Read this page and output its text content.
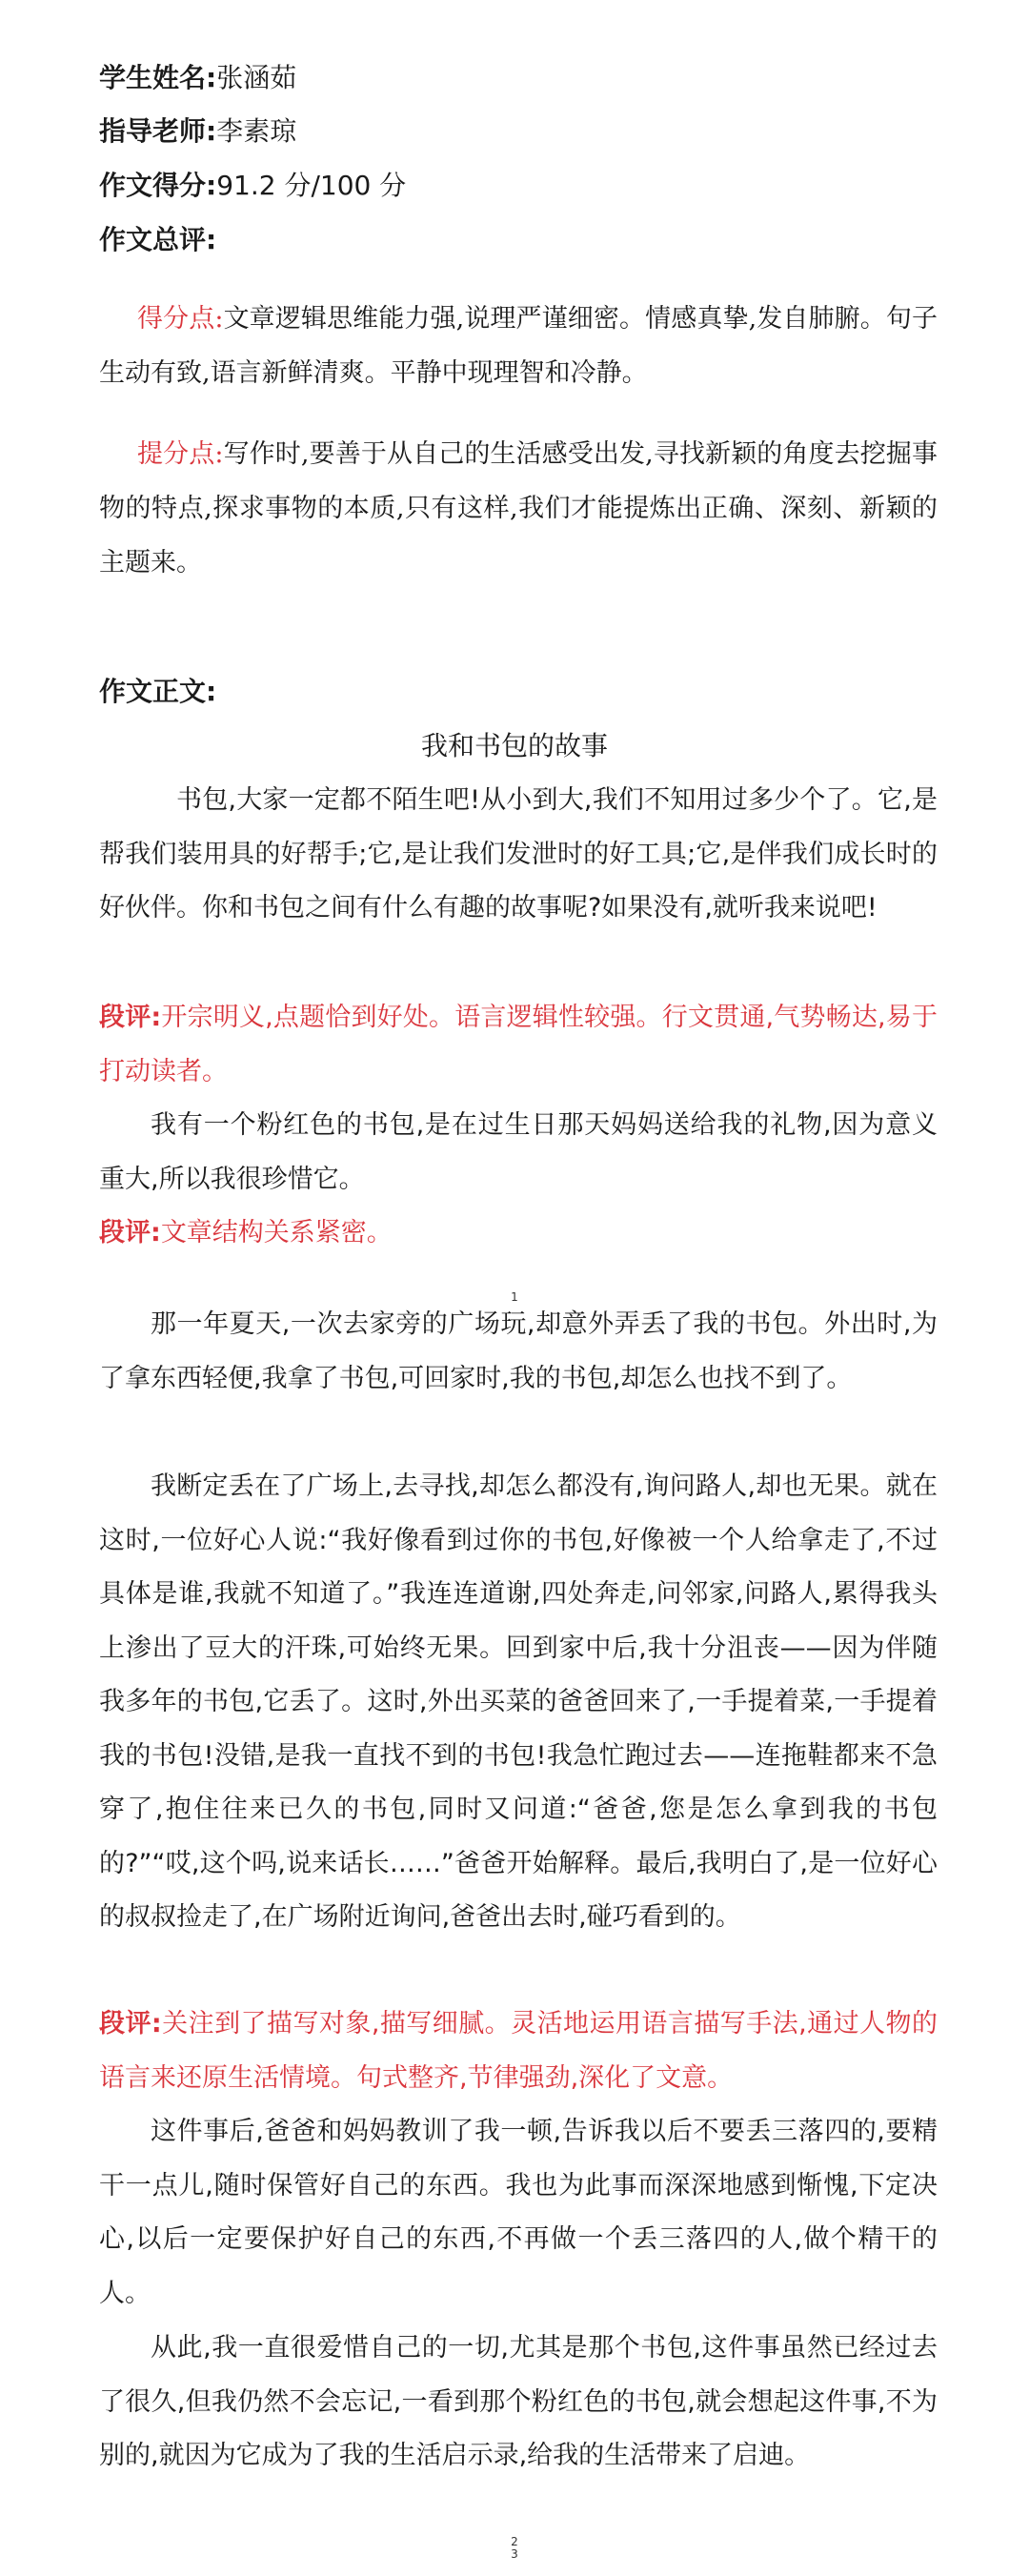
学生姓名:张涵茹
指导老师:李素琼
作文得分:91.2 分/100 分
作文总评:
得分点:文章逻辑思维能力强,说理严谨细密。情感真挚,发自肺腑。句子生动有致,语言新鲜清爽。平静中现理智和冷静。
提分点:写作时,要善于从自己的生活感受出发,寻找新颖的角度去挖掘事物的特点,探求事物的本质,只有这样,我们才能提炼出正确、深刻、新颖的主题来。
作文正文:
我和书包的故事
书包,大家一定都不陌生吧!从小到大,我们不知用过多少个了。它,是帮我们装用具的好帮手;它,是让我们发泄时的好工具;它,是伴我们成长时的好伙伴。你和书包之间有什么有趣的故事呢?如果没有,就听我来说吧!
段评:开宗明义,点题恰到好处。语言逻辑性较强。行文贯通,气势畅达,易于打动读者。
我有一个粉红色的书包,是在过生日那天妈妈送给我的礼物,因为意义重大,所以我很珍惜它。
段评:文章结构关系紧密。
1
那一年夏天,一次去家旁的广场玩,却意外弄丢了我的书包。外出时,为了拿东西轻便,我拿了书包,可回家时,我的书包,却怎么也找不到了。
我断定丢在了广场上,去寻找,却怎么都没有,询问路人,却也无果。就在这时,一位好心人说:“我好像看到过你的书包,好像被一个人给拿走了,不过具体是谁,我就不知道了。”我连连道谢,四处奔走,问邻家,问路人,累得我头上渗出了豆大的汗珠,可始终无果。回到家中后,我十分沮丧——因为伴随我多年的书包,它丢了。这时,外出买菜的爸爸回来了,一手提着菜,一手提着我的书包!没错,是我一直找不到的书包!我急忙跑过去——连拖鞋都来不急穿了,抱住往来已久的书包,同时又问道:“爸爸,您是怎么拿到我的书包的?”“哎,这个吗,说来话长……”爸爸开始解释。最后,我明白了,是一位好心的叔叔捡走了,在广场附近询问,爸爸出去时,碰巧看到的。
段评:关注到了描写对象,描写细腻。灵活地运用语言描写手法,通过人物的语言来还原生活情境。句式整齐,节律强劲,深化了文意。
这件事后,爸爸和妈妈教训了我一顿,告诉我以后不要丢三落四的,要精干一点儿,随时保管好自己的东西。我也为此事而深深地感到惭愧,下定决心,以后一定要保护好自己的东西,不再做一个丢三落四的人,做个精干的人。
从此,我一直很爱惜自己的一切,尤其是那个书包,这件事虽然已经过去了很久,但我仍然不会忘记,一看到那个粉红色的书包,就会想起这件事,不为别的,就因为它成为了我的生活启示录,给我的生活带来了启迪。
2
3
